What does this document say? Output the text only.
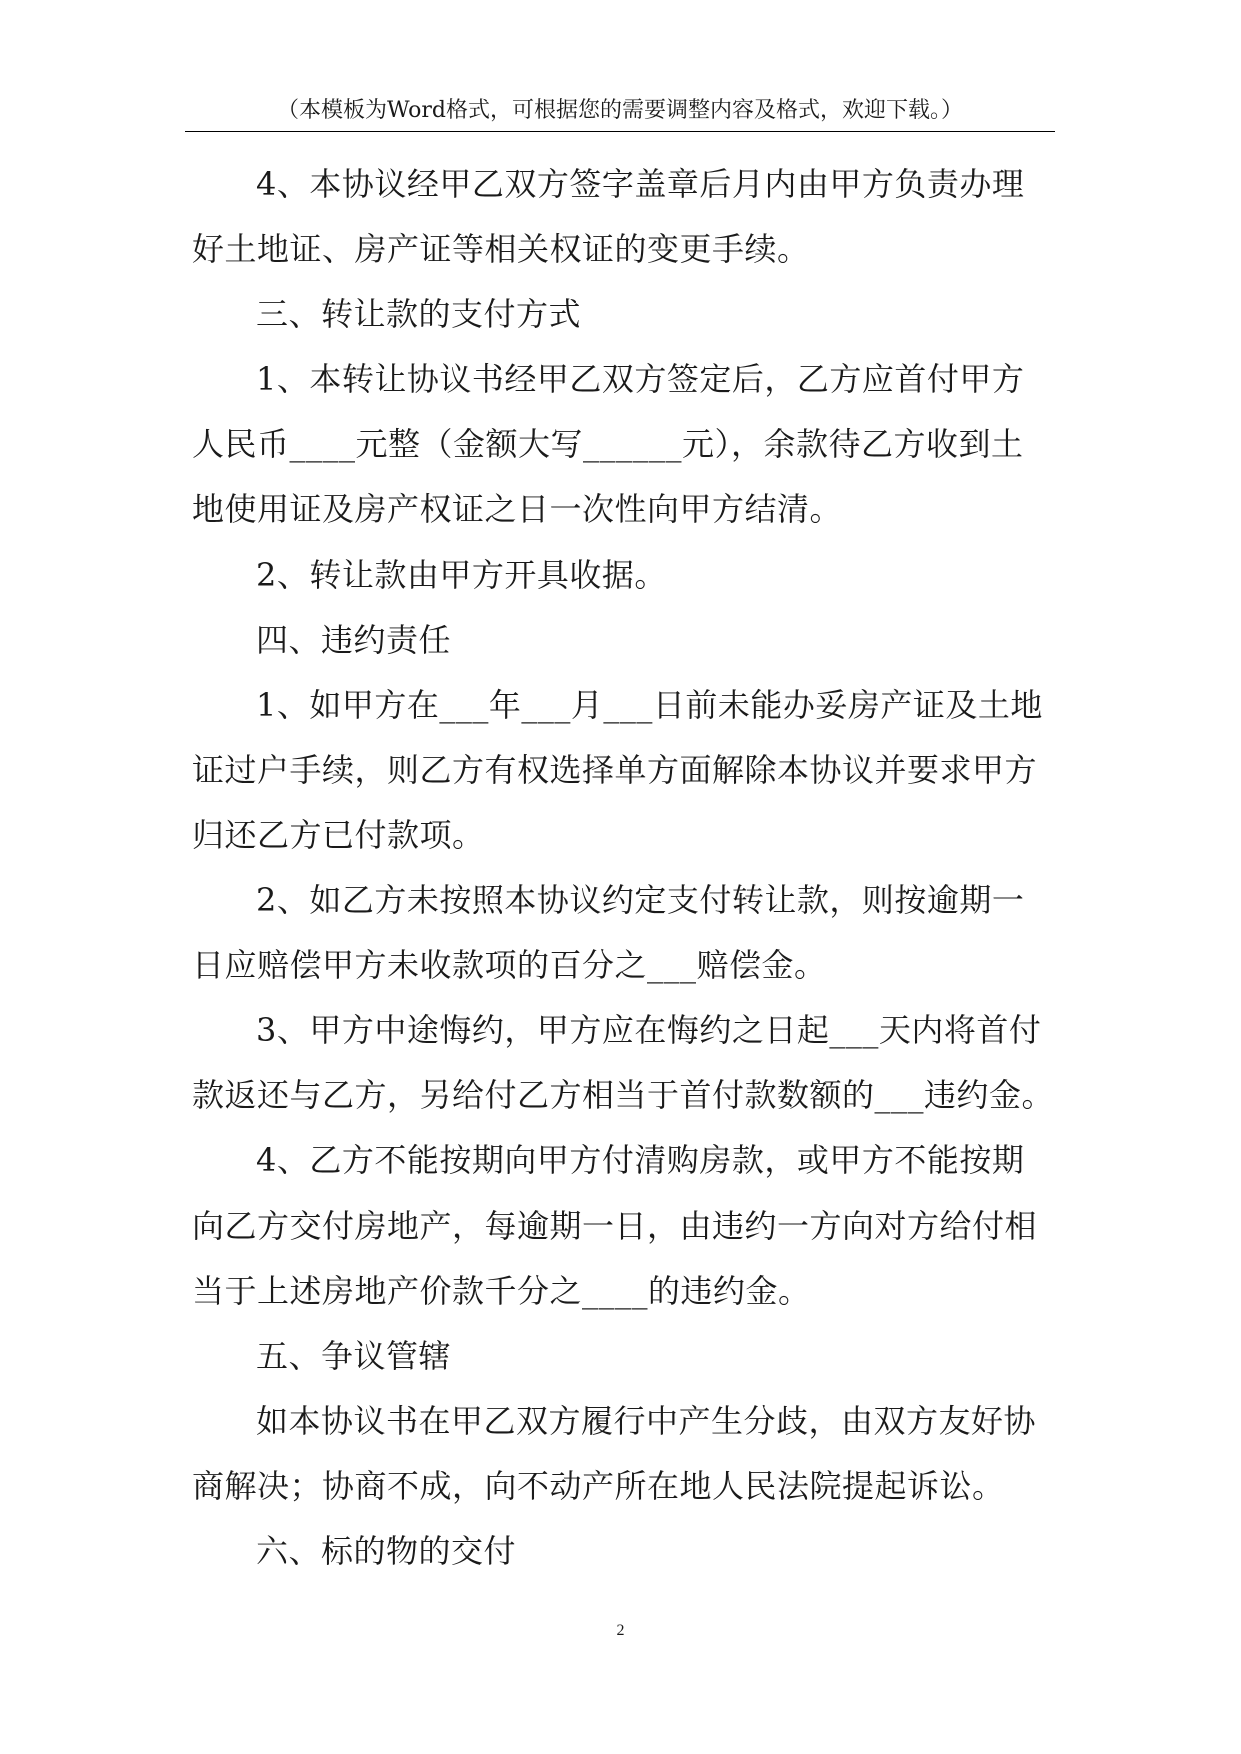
（本模板为Word格式，可根据您的需要调整内容及格式，欢迎下载。）
4、本协议经甲乙双方签字盖章后月内由甲方负责办理
好土地证、房产证等相关权证的变更手续。
三、转让款的支付方式
1、本转让协议书经甲乙双方签定后，乙方应首付甲方
人民币____元整（金额大写______元），余款待乙方收到土
地使用证及房产权证之日一次性向甲方结清。
2、转让款由甲方开具收据。
四、违约责任
1、如甲方在___年___月___日前未能办妥房产证及土地
证过户手续，则乙方有权选择单方面解除本协议并要求甲方
归还乙方已付款项。
2、如乙方未按照本协议约定支付转让款，则按逾期一
日应赔偿甲方未收款项的百分之___赔偿金。
3、甲方中途悔约，甲方应在悔约之日起___天内将首付
款返还与乙方，另给付乙方相当于首付款数额的___违约金。
4、乙方不能按期向甲方付清购房款，或甲方不能按期
向乙方交付房地产，每逾期一日，由违约一方向对方给付相
当于上述房地产价款千分之____的违约金。
五、争议管辖
如本协议书在甲乙双方履行中产生分歧，由双方友好协
商解决；协商不成，向不动产所在地人民法院提起诉讼。
六、标的物的交付
2
